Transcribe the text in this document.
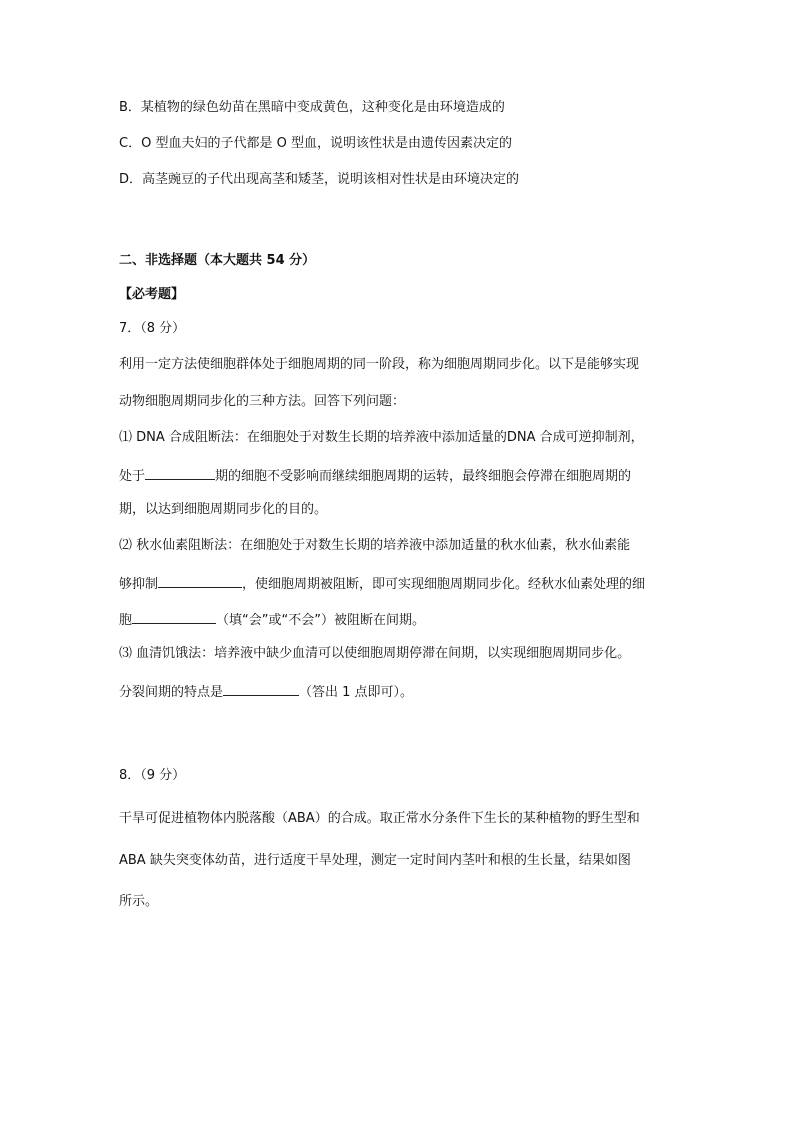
B．某植物的绿色幼苗在黑暗中变成黄色，这种变化是由环境造成的
C．O 型血夫妇的子代都是 O 型血，说明该性状是由遗传因素决定的
D．高茎豌豆的子代出现高茎和矮茎，说明该相对性状是由环境决定的
二、非选择题（本大题共 54 分）
【必考题】
7．（8 分）
利用一定方法使细胞群体处于细胞周期的同一阶段，称为细胞周期同步化。以下是能够实现
动物细胞周期同步化的三种方法。回答下列问题：
⑴ DNA 合成阻断法：在细胞处于对数生长期的培养液中添加适量的DNA 合成可逆抑制剂，
处于	期的细胞不受影响而继续细胞周期的运转，最终细胞会停滞在细胞周期的
期，以达到细胞周期同步化的目的。
⑵ 秋水仙素阻断法：在细胞处于对数生长期的培养液中添加适量的秋水仙素，秋水仙素能
够抑制	，使细胞周期被阻断，即可实现细胞周期同步化。经秋水仙素处理的细
胞	（填“会”或“不会”）被阻断在间期。
⑶ 血清饥饿法：培养液中缺少血清可以使细胞周期停滞在间期，以实现细胞周期同步化。
分裂间期的特点是	（答出 1 点即可）。
8．（9 分）
干旱可促进植物体内脱落酸（ABA）的合成。取正常水分条件下生长的某种植物的野生型和
ABA 缺失突变体幼苗，进行适度干旱处理，测定一定时间内茎叶和根的生长量，结果如图
所示。
